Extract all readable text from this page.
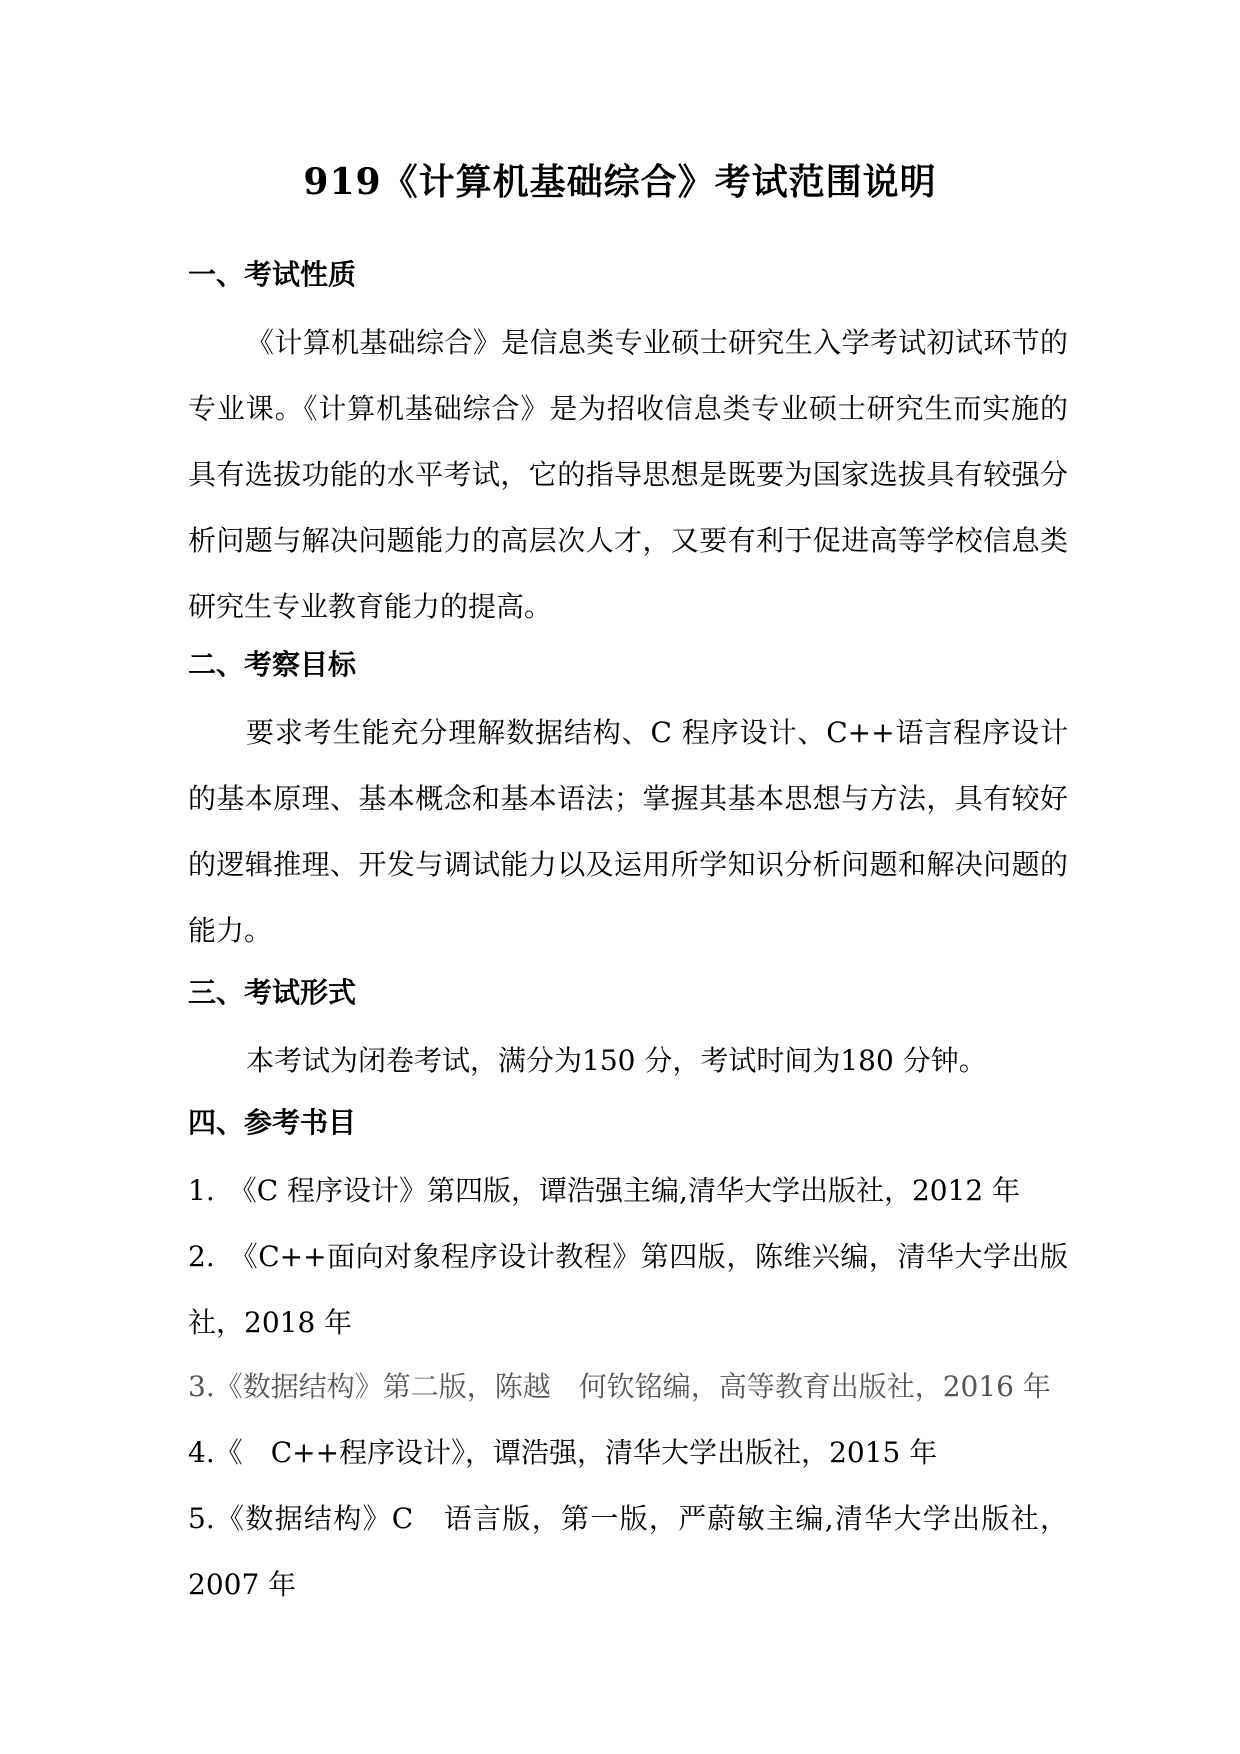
919《计算机基础综合》考试范围说明
一、考试性质
《计算机基础综合》是信息类专业硕士研究生入学考试初试环节的专业课。《计算机基础综合》是为招收信息类专业硕士研究生而实施的具有选拔功能的水平考试，它的指导思想是既要为国家选拔具有较强分析问题与解决问题能力的高层次人才，又要有利于促进高等学校信息类研究生专业教育能力的提高。
二、考察目标
要求考生能充分理解数据结构、C 程序设计、C++语言程序设计的基本原理、基本概念和基本语法；掌握其基本思想与方法，具有较好的逻辑推理、开发与调试能力以及运用所学知识分析问题和解决问题的能力。
三、考试形式
本考试为闭卷考试，满分为150 分，考试时间为180 分钟。
四、参考书目
1.　《C 程序设计》第四版，谭浩强主编,清华大学出版社，2012 年
2.　《C++面向对象程序设计教程》第四版，陈维兴编，清华大学出版社，2018 年
3.《数据结构》第二版，陈越　何钦铭编，高等教育出版社，2016 年
4.《　C++程序设计》，谭浩强，清华大学出版社，2015 年
5.《数据结构》C　语言版，第一版，严蔚敏主编,清华大学出版社，2007 年
